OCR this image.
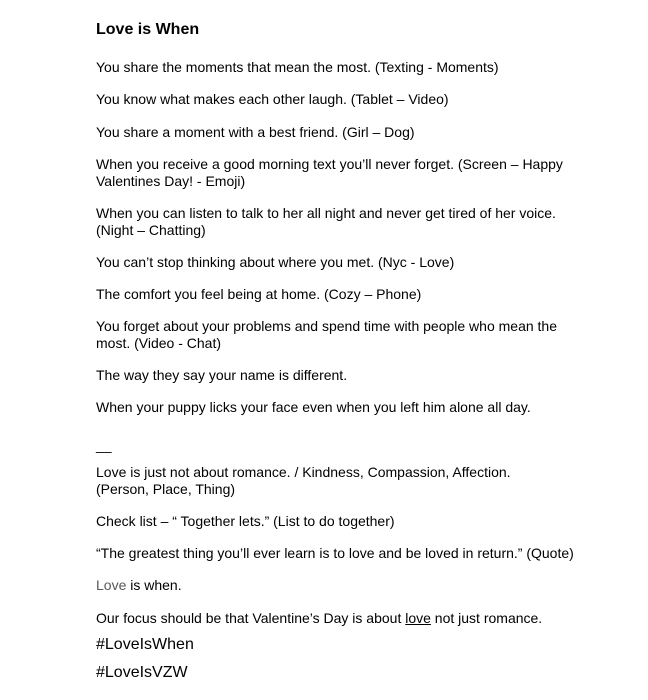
Love is When
You share the moments that mean the most. (Texting - Moments)
You know what makes each other laugh. (Tablet – Video)
You share a moment with a best friend. (Girl – Dog)
When you receive a good morning text you’ll never forget. (Screen – Happy Valentines Day! - Emoji)
When you can listen to talk to her all night and never get tired of her voice. (Night – Chatting)
You can’t stop thinking about where you met. (Nyc - Love)
The comfort you feel being at home. (Cozy – Phone)
You forget about your problems and spend time with people who mean the most. (Video - Chat)
The way they say your name is different.
When your puppy licks your face even when you left him alone all day.
__
Love is just not about romance. / Kindness, Compassion, Affection.
(Person, Place, Thing)
Check list – “ Together lets.” (List to do together)
“The greatest thing you’ll ever learn is to love and be loved in return.” (Quote)
Love is when.
Our focus should be that Valentine’s Day is about love not just romance.
#LoveIsWhen
#LoveIsVZW
